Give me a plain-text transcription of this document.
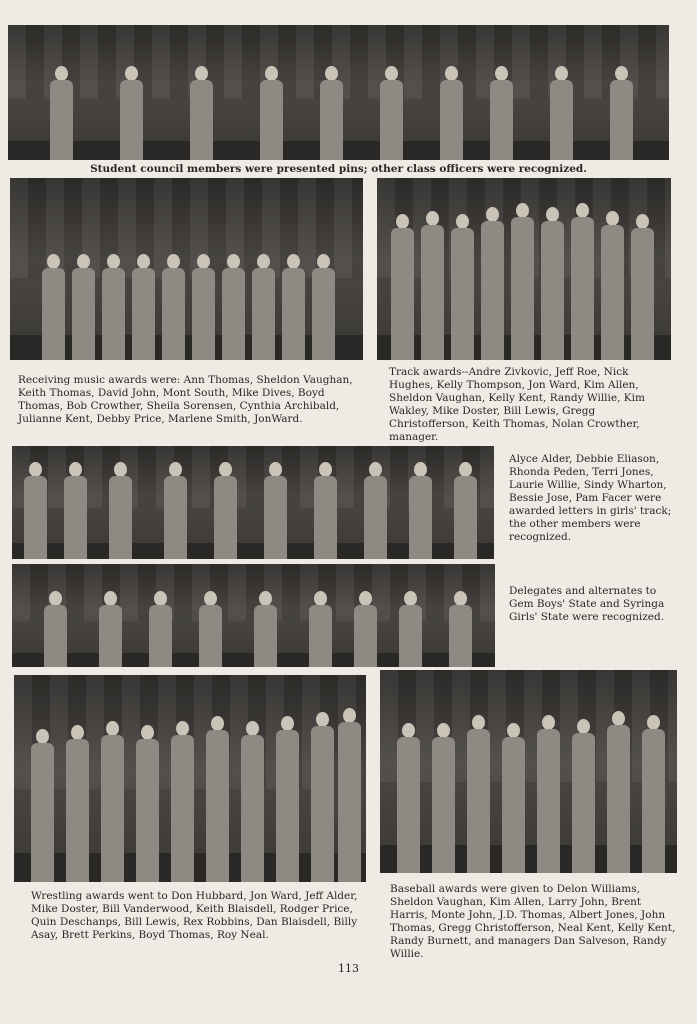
Student council members were presented pins; other class officers were recognized.

Receiving music awards were: Ann Thomas, Sheldon Vaughan, Keith Thomas, David John, Mont South, Mike Dives, Boyd Thomas, Bob Crowther, Sheila Sorensen, Cynthia Archibald, Julianne Kent, Debby Price, Marlene Smith, JonWard.

Track awards--Andre Zivkovic, Jeff Roe, Nick Hughes, Kelly Thompson, Jon Ward, Kim Allen, Sheldon Vaughan, Kelly Kent, Randy Willie, Kim Wakley, Mike Doster, Bill Lewis, Gregg Christofferson, Keith Thomas, Nolan Crowther, manager.

Alyce Alder, Debbie Eliason, Rhonda Peden, Terri Jones, Laurie Willie, Sindy Wharton, Bessie Jose, Pam Facer were awarded letters in girls' track; the other members were recognized.

Delegates and alternates to Gem Boys' State and Syringa Girls' State were recognized.

Wrestling awards went to Don Hubbard, Jon Ward, Jeff Alder, Mike Doster, Bill Vanderwood, Keith Blaisdell, Rodger Price, Quin Deschanps, Bill Lewis, Rex Robbins, Dan Blaisdell, Billy Asay, Brett Perkins, Boyd Thomas, Roy Neal.

Baseball awards were given to Delon Williams, Sheldon Vaughan, Kim Allen, Larry John, Brent Harris, Monte John, J.D. Thomas, Albert Jones, John Thomas, Gregg Christofferson, Neal Kent, Kelly Kent, Randy Burnett, and managers Dan Salveson, Randy Willie.

113
